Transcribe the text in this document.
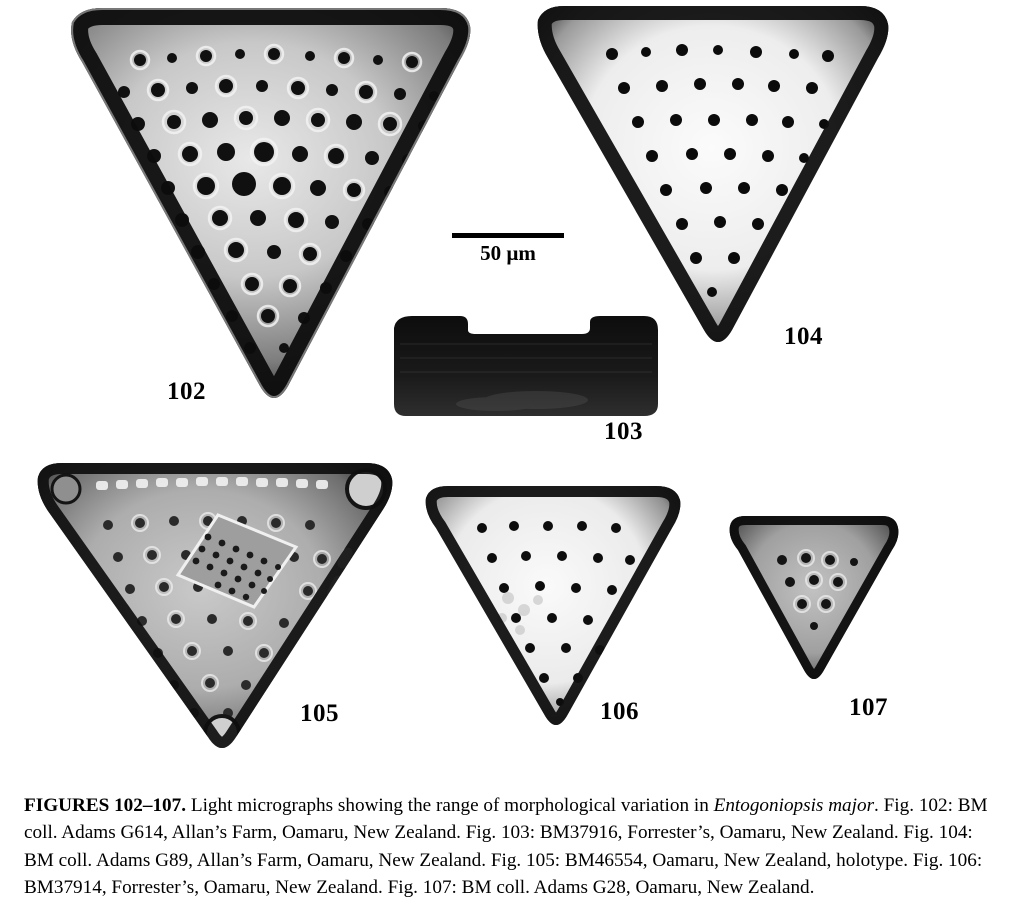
102
104
50 µm
103
105	106	107
FIGURES 102–107. Light micrographs showing the range of morphological variation in Entogoniopsis major. Fig. 102: BM coll. Adams G614, Allan’s Farm, Oamaru, New Zealand. Fig. 103: BM37916, Forrester’s, Oamaru, New Zealand. Fig. 104: BM coll. Adams G89, Allan’s Farm, Oamaru, New Zealand. Fig. 105: BM46554, Oamaru, New Zealand, holotype. Fig. 106: BM37914, Forrester’s, Oamaru, New Zealand. Fig. 107: BM coll. Adams G28, Oamaru, New Zealand.
